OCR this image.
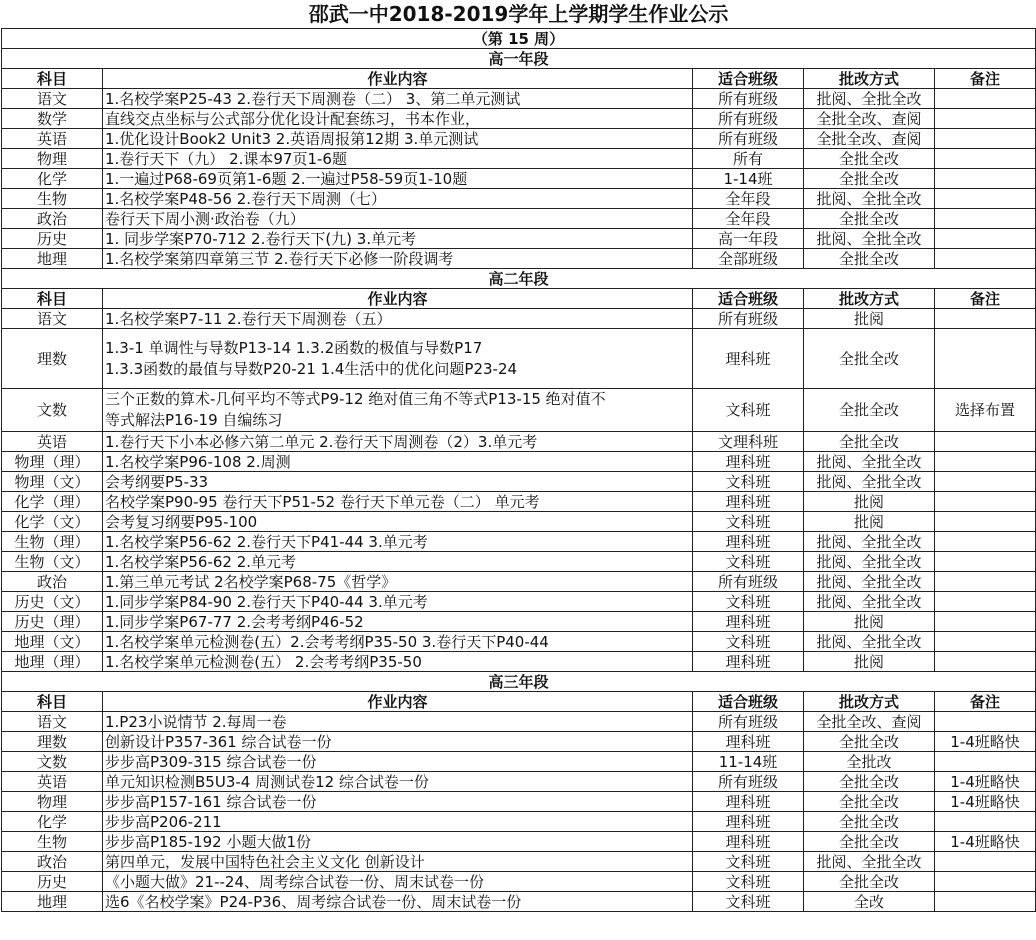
邵武一中2018-2019学年上学期学生作业公示				
（第 15 周）				
高一年段				
科目	作业内容	适合班级	批改方式	备注
语文	1.名校学案P25-43 2.卷行天下周测卷（二） 3、第二单元测试	所有班级	批阅、全批全改	
数学	直线交点坐标与公式部分优化设计配套练习，书本作业，	所有班级	全批全改、查阅	
英语	1.优化设计Book2 Unit3 2.英语周报第12期 3.单元测试	所有班级	全批全改、查阅	
物理	1.卷行天下（九） 2.课本97页1-6题	所有	全批全改	
化学	1.一遍过P68-69页第1-6题 2.一遍过P58-59页1-10题	1-14班	全批全改	
生物	1.名校学案P48-56 2.卷行天下周测（七）	全年段	批阅、全批全改	
政治	卷行天下周小测·政治卷（九）	全年段	全批全改	
历史	1. 同步学案P70-712 2.卷行天下(九) 3.单元考	高一年段	批阅、全批全改	
地理	1.名校学案第四章第三节 2.卷行天下必修一阶段调考	全部班级	全批全改	
高二年段				
科目	作业内容	适合班级	批改方式	备注
语文	1.名校学案P7-11 2.卷行天下周测卷（五）	所有班级	批阅	
理数	1.3-1 单调性与导数P13-14 1.3.2函数的极值与导数P17
1.3.3函数的最值与导数P20-21 1.4生活中的优化问题P23-24	理科班	全批全改	
文数	三个正数的算术-几何平均不等式P9-12 绝对值三角不等式P13-15 绝对值不
等式解法P16-19 自编练习	文科班	全批全改	选择布置
英语	1.卷行天下小本必修六第二单元 2.卷行天下周测卷（2）3.单元考	文理科班	全批全改	
物理（理）	1.名校学案P96-108 2.周测	理科班	批阅、全批全改	
物理（文）	会考纲要P5-33	文科班	批阅、全批全改	
化学（理）	名校学案P90-95 卷行天下P51-52 卷行天下单元卷（二） 单元考	理科班	批阅	
化学（文）	会考复习纲要P95-100	文科班	批阅	
生物（理）	1.名校学案P56-62 2.卷行天下P41-44 3.单元考	理科班	批阅、全批全改	
生物（文）	1.名校学案P56-62 2.单元考	文科班	批阅、全批全改	
政治	1.第三单元考试 2名校学案P68-75《哲学》	所有班级	批阅、全批全改	
历史（文）	1.同步学案P84-90 2.卷行天下P40-44 3.单元考	文科班	批阅、全批全改	
历史（理）	1.同步学案P67-77 2.会考考纲P46-52	理科班	批阅	
地理（文）	1.名校学案单元检测卷(五）2.会考考纲P35-50 3.卷行天下P40-44	文科班	批阅、全批全改	
地理（理）	1.名校学案单元检测卷(五） 2.会考考纲P35-50	理科班	批阅	
高三年段				
科目	作业内容	适合班级	批改方式	备注
语文	1.P23小说情节 2.每周一卷	所有班级	全批全改、查阅	
理数	创新设计P357-361 综合试卷一份	理科班	全批全改	1-4班略快
文数	步步高P309-315 综合试卷一份	11-14班	全批改	
英语	单元知识检测B5U3-4 周测试卷12 综合试卷一份	所有班级	全批全改	1-4班略快
物理	步步高P157-161 综合试卷一份	理科班	全批全改	1-4班略快
化学	步步高P206-211	理科班	全批全改	
生物	步步高P185-192 小题大做1份	理科班	全批全改	1-4班略快
政治	第四单元，发展中国特色社会主义文化 创新设计	文科班	批阅、全批全改	
历史	《小题大做》21--24、周考综合试卷一份、周末试卷一份	文科班	全批全改	
地理	选6《名校学案》P24-P36、周考综合试卷一份、周末试卷一份	文科班	全改	
